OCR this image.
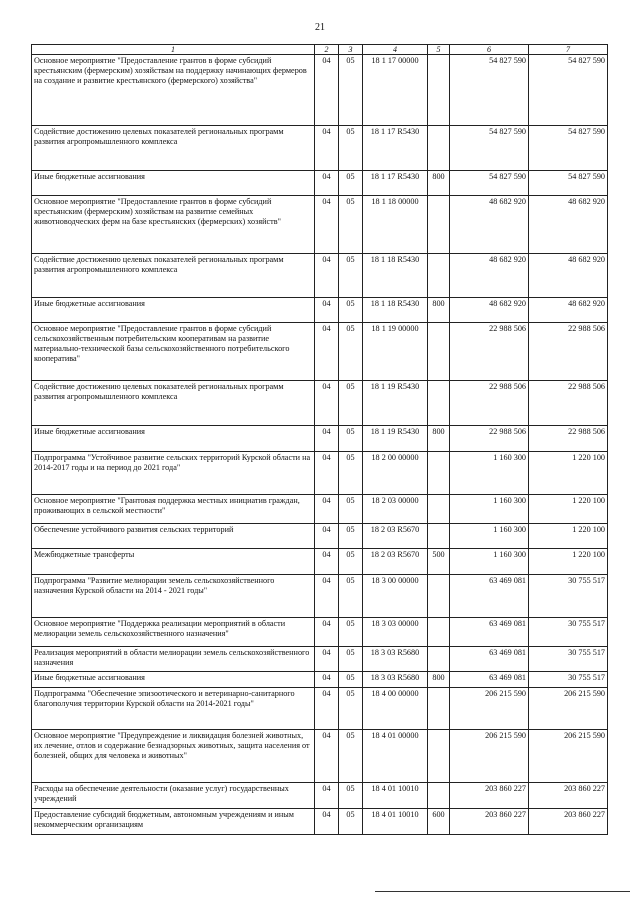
21
1	2	3	4	5	6	7
Основное мероприятие "Предоставление грантов в форме субсидий крестьянским (фермерским) хозяйствам на поддержку начинающих фермеров на создание и развитие крестьянского (фермерского) хозяйства"	04	05	18 1 17 00000		54 827 590	54 827 590
Содействие достижению целевых показателей региональных программ развития агропромышленного комплекса	04	05	18 1 17 R5430		54 827 590	54 827 590
Иные бюджетные ассигнования	04	05	18 1 17 R5430	800	54 827 590	54 827 590
Основное мероприятие "Предоставление грантов в форме субсидий крестьянским (фермерским) хозяйствам на развитие семейных животноводческих ферм на базе крестьянских (фермерских) хозяйств"	04	05	18 1 18 00000		48 682 920	48 682 920
Содействие достижению целевых показателей региональных программ развития агропромышленного комплекса	04	05	18 1 18 R5430		48 682 920	48 682 920
Иные бюджетные ассигнования	04	05	18 1 18 R5430	800	48 682 920	48 682 920
Основное мероприятие "Предоставление грантов в форме субсидий сельскохозяйственным потребительским кооперативам на развитие материально-технической базы сельскохозяйственного потребительского кооператива"	04	05	18 1 19 00000		22 988 506	22 988 506
Содействие достижению целевых показателей региональных программ развития агропромышленного комплекса	04	05	18 1 19 R5430		22 988 506	22 988 506
Иные бюджетные ассигнования	04	05	18 1 19 R5430	800	22 988 506	22 988 506
Подпрограмма "Устойчивое развитие сельских территорий Курской области на 2014-2017 годы и на период до 2021 года"	04	05	18 2 00 00000		1 160 300	1 220 100
Основное мероприятие "Грантовая поддержка местных инициатив граждан, проживающих в сельской местности"	04	05	18 2 03 00000		1 160 300	1 220 100
Обеспечение устойчивого развития сельских территорий	04	05	18 2 03 R5670		1 160 300	1 220 100
Межбюджетные трансферты	04	05	18 2 03 R5670	500	1 160 300	1 220 100
Подпрограмма "Развитие мелиорации земель сельскохозяйственного назначения Курской области на 2014 - 2021 годы"	04	05	18 3 00 00000		63 469 081	30 755 517
Основное мероприятие "Поддержка реализации мероприятий в области мелиорации земель сельскохозяйственного назначения"	04	05	18 3 03 00000		63 469 081	30 755 517
Реализация мероприятий в области мелиорации земель сельскохозяйственного назначения	04	05	18 3 03 R5680		63 469 081	30 755 517
Иные бюджетные ассигнования	04	05	18 3 03 R5680	800	63 469 081	30 755 517
Подпрограмма "Обеспечение эпизоотического и ветеринарно-санитарного благополучия территории Курской области на 2014-2021 годы"	04	05	18 4 00 00000		206 215 590	206 215 590
Основное мероприятие "Предупреждение и ликвидация болезней животных, их лечение, отлов и содержание безнадзорных животных, защита населения от болезней, общих для человека и животных"	04	05	18 4 01 00000		206 215 590	206 215 590
Расходы на обеспечение деятельности (оказание услуг) государственных учреждений	04	05	18 4 01 10010		203 860 227	203 860 227
Предоставление субсидий бюджетным, автономным учреждениям и иным некоммерческим организациям	04	05	18 4 01 10010	600	203 860 227	203 860 227
